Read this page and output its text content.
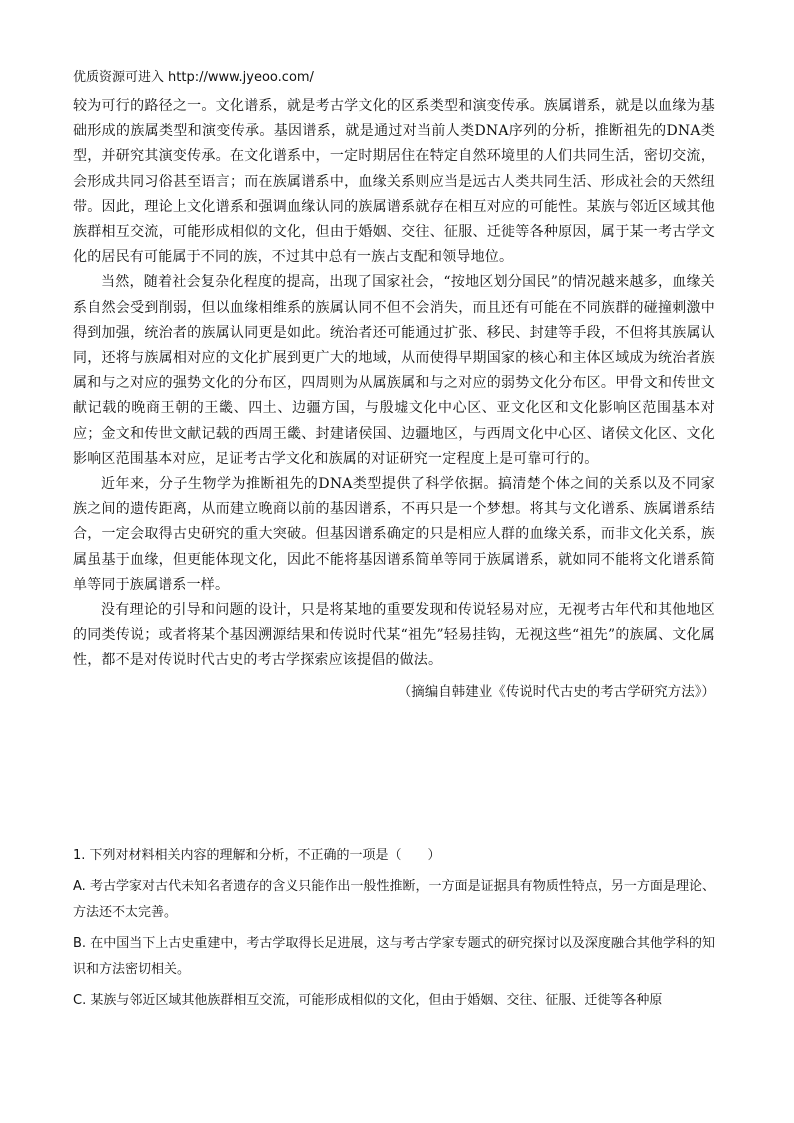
优质资源可进入 http://www.jyeoo.com/

较为可行的路径之一。文化谱系，就是考古学文化的区系类型和演变传承。族属谱系，就是以血缘为基础形成的族属类型和演变传承。基因谱系，就是通过对当前人类DNA序列的分析，推断祖先的DNA类型，并研究其演变传承。在文化谱系中，一定时期居住在特定自然环境里的人们共同生活，密切交流，会形成共同习俗甚至语言；而在族属谱系中，血缘关系则应当是远古人类共同生活、形成社会的天然纽带。因此，理论上文化谱系和强调血缘认同的族属谱系就存在相互对应的可能性。某族与邻近区域其他族群相互交流，可能形成相似的文化，但由于婚姻、交往、征服、迁徙等各种原因，属于某一考古学文化的居民有可能属于不同的族，不过其中总有一族占支配和领导地位。

当然，随着社会复杂化程度的提高，出现了国家社会，“按地区划分国民”的情况越来越多，血缘关系自然会受到削弱，但以血缘相维系的族属认同不但不会消失，而且还有可能在不同族群的碰撞刺激中得到加强，统治者的族属认同更是如此。统治者还可能通过扩张、移民、封建等手段，不但将其族属认同，还将与族属相对应的文化扩展到更广大的地域，从而使得早期国家的核心和主体区域成为统治者族属和与之对应的强势文化的分布区，四周则为从属族属和与之对应的弱势文化分布区。甲骨文和传世文献记载的晚商王朝的王畿、四土、边疆方国，与殷墟文化中心区、亚文化区和文化影响区范围基本对应；金文和传世文献记载的西周王畿、封建诸侯国、边疆地区，与西周文化中心区、诸侯文化区、文化影响区范围基本对应，足证考古学文化和族属的对证研究一定程度上是可靠可行的。

近年来，分子生物学为推断祖先的DNA类型提供了科学依据。搞清楚个体之间的关系以及不同家族之间的遗传距离，从而建立晚商以前的基因谱系，不再只是一个梦想。将其与文化谱系、族属谱系结合，一定会取得古史研究的重大突破。但基因谱系确定的只是相应人群的血缘关系，而非文化关系，族属虽基于血缘，但更能体现文化，因此不能将基因谱系简单等同于族属谱系，就如同不能将文化谱系简单等同于族属谱系一样。

没有理论的引导和问题的设计，只是将某地的重要发现和传说轻易对应，无视考古年代和其他地区的同类传说；或者将某个基因溯源结果和传说时代某“祖先”轻易挂钩，无视这些“祖先”的族属、文化属性，都不是对传说时代古史的考古学探索应该提倡的做法。

（摘编自韩建业《传说时代古史的考古学研究方法》）

1. 下列对材料相关内容的理解和分析，不正确的一项是（　　）

A. 考古学家对古代未知名者遗存的含义只能作出一般性推断，一方面是证据具有物质性特点，另一方面是理论、方法还不太完善。

B. 在中国当下上古史重建中，考古学取得长足进展，这与考古学家专题式的研究探讨以及深度融合其他学科的知识和方法密切相关。

C. 某族与邻近区域其他族群相互交流，可能形成相似的文化，但由于婚姻、交往、征服、迁徙等各种原
